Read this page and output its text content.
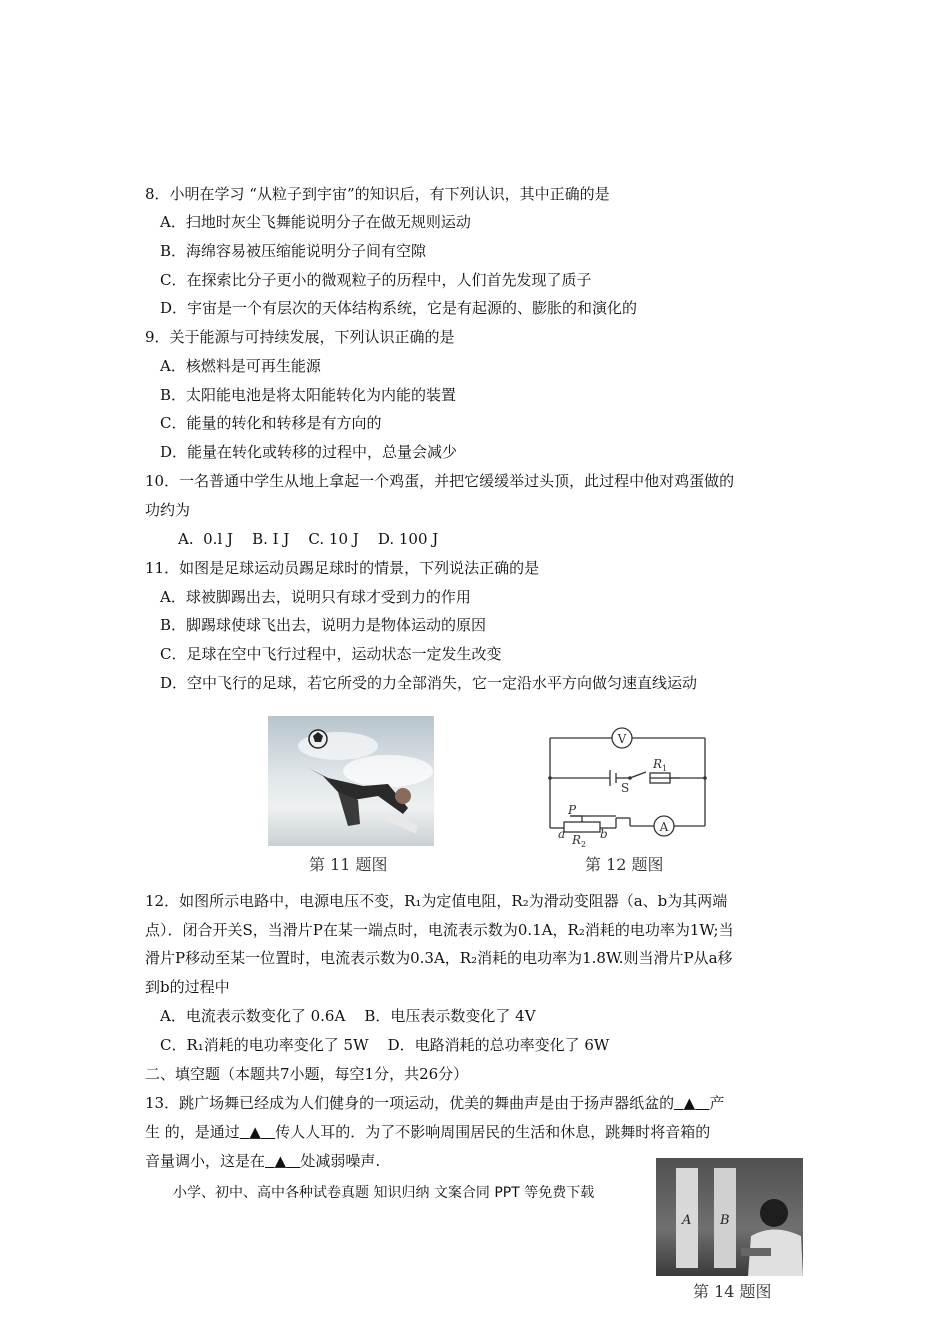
8．小明在学习 “从粒子到宇宙”的知识后，有下列认识，其中正确的是
A．扫地时灰尘飞舞能说明分子在做无规则运动
B．海绵容易被压缩能说明分子间有空隙
C．在探索比分子更小的微观粒子的历程中，人们首先发现了质子
D．宇宙是一个有层次的天体结构系统，它是有起源的、膨胀的和演化的
9．关于能源与可持续发展，下列认识正确的是
A．核燃料是可再生能源
B．太阳能电池是将太阳能转化为内能的装置
C．能量的转化和转移是有方向的
D．能量在转化或转移的过程中，总量会减少
10．一名普通中学生从地上拿起一个鸡蛋，并把它缓缓举过头顶，此过程中他对鸡蛋做的
功约为
A.  0.l J    B. I J    C. 10 J    D. 100 J
11．如图是足球运动员踢足球时的情景，下列说法正确的是
A．球被脚踢出去，说明只有球才受到力的作用
B．脚踢球使球飞出去，说明力是物体运动的原因
C．足球在空中飞行过程中，运动状态一定发生改变
D．空中飞行的足球，若它所受的力全部消失，它一定沿水平方向做匀速直线运动
第 11 题图
V
A
R 1
S
P
R 2
a	b
第 12 题图
12．如图所示电路中，电源电压不变，R₁为定值电阻，R₂为滑动变阻器（a、b为其两端
点）．闭合开关S，当滑片P在某一端点时，电流表示数为0.1A，R₂消耗的电功率为1W;当
滑片P移动至某一位置时，电流表示数为0.3A，R₂消耗的电功率为1.8W.则当滑片P从a移
到b的过程中
A．电流表示数变化了 0.6A    B．电压表示数变化了 4V
C．R₁消耗的电功率变化了 5W    D．电路消耗的总功率变化了 6W
二、填空题（本题共7小题，每空1分，共26分）
13．跳广场舞已经成为人们健身的一项运动，优美的舞曲声是由于扬声器纸盆的 ▲ 产
生 的，是通过 ▲ 传人人耳的．为了不影响周围居民的生活和休息，跳舞时将音箱的
音量调小，这是在 ▲ 处减弱噪声.
小学、初中、高中各种试卷真题 知识归纳 文案合同 PPT 等免费下载
A B
第 14 题图
